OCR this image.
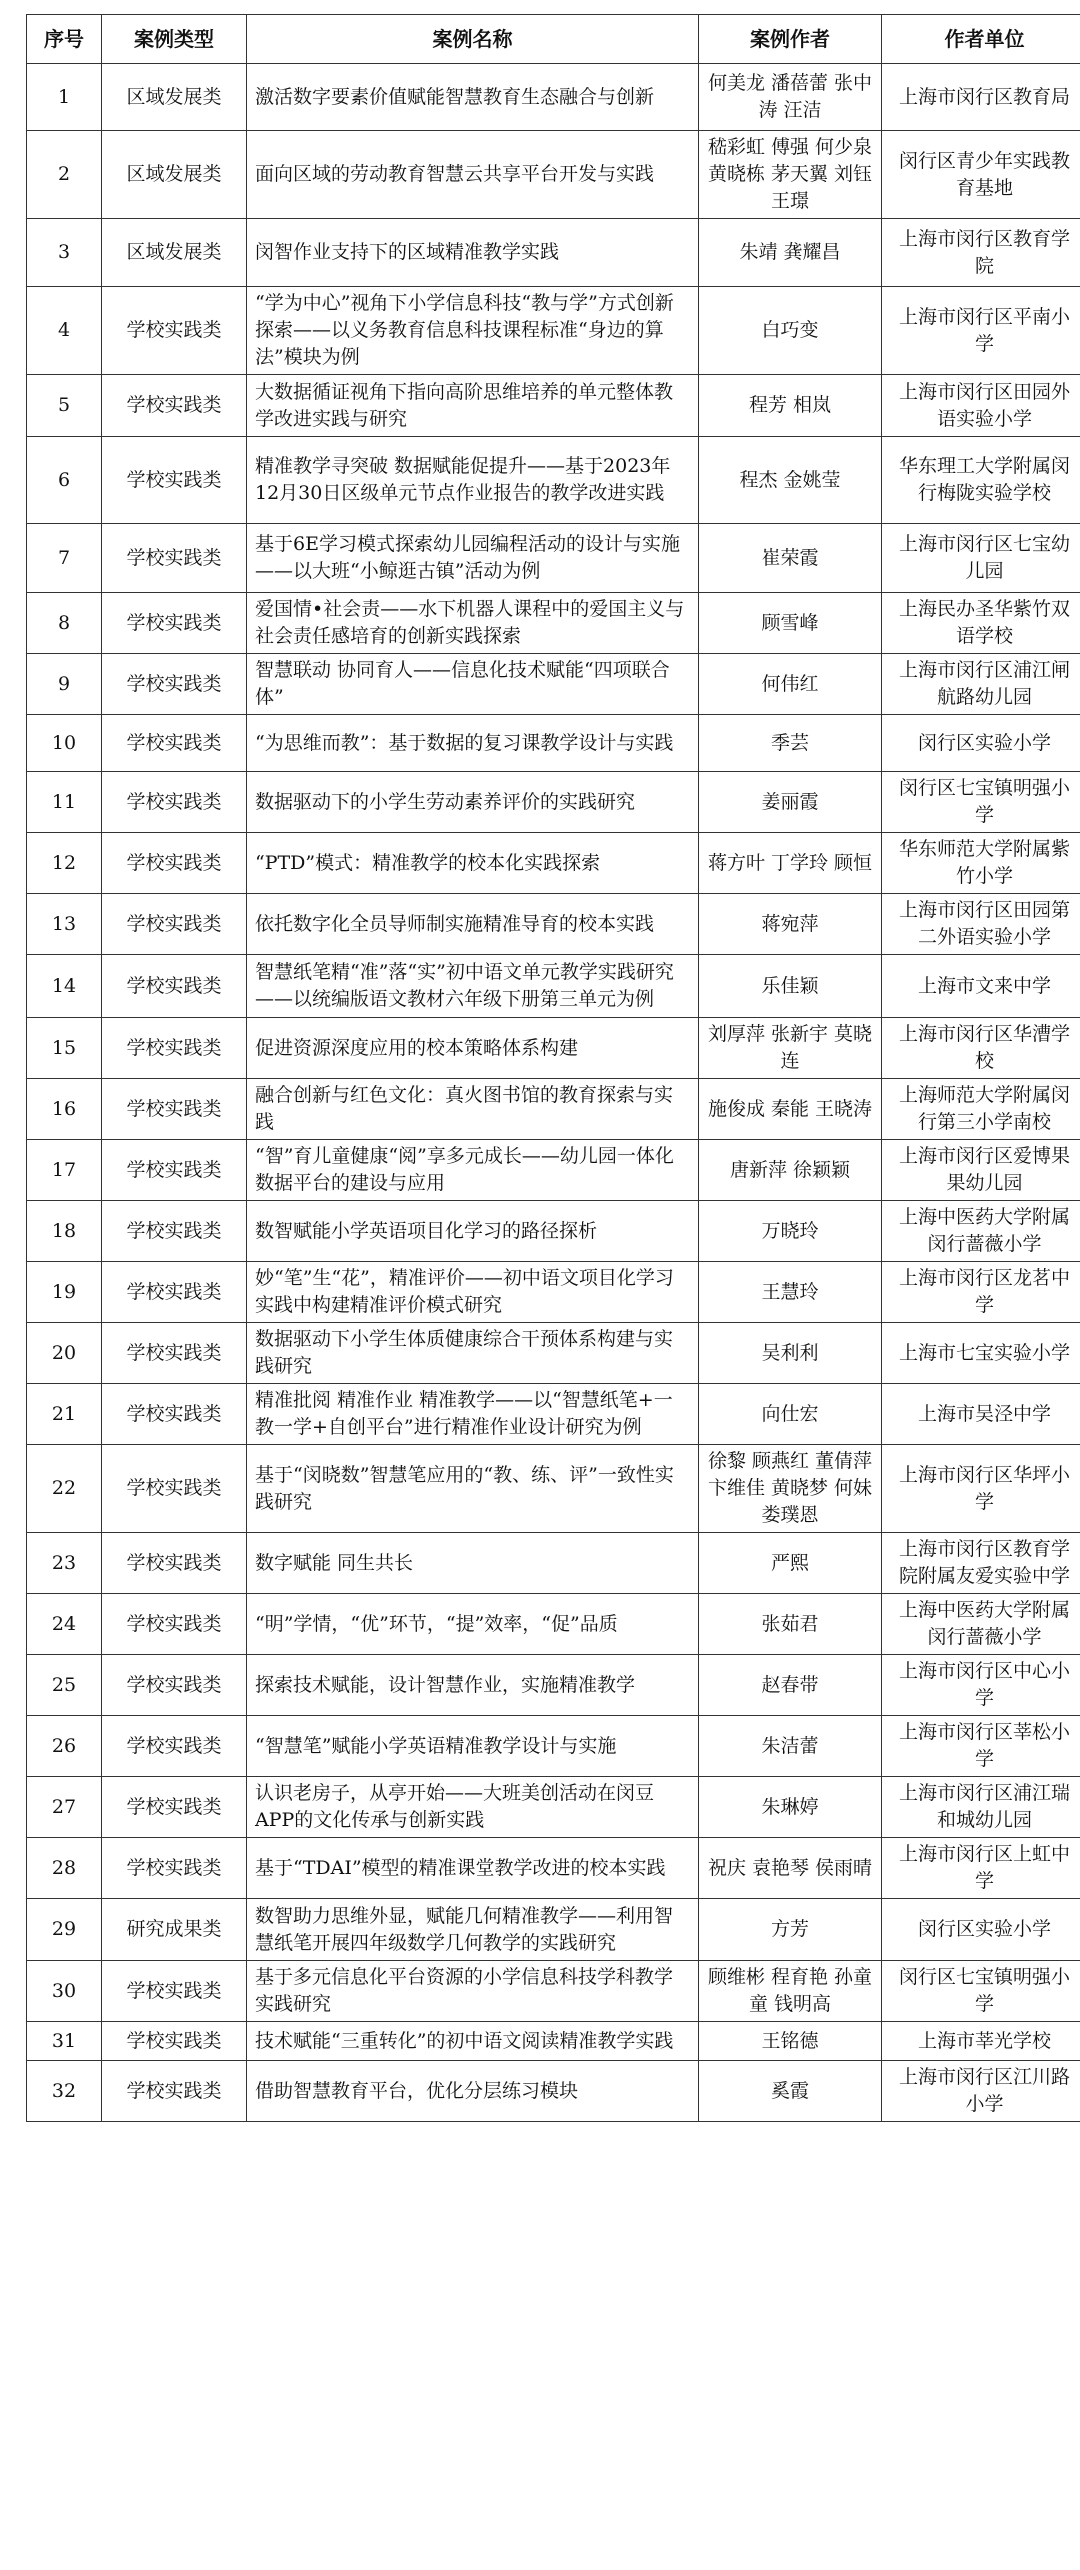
序号	案例类型	案例名称	案例作者	作者单位
1	区域发展类	激活数字要素价值赋能智慧教育生态融合与创新	何美龙 潘蓓蕾 张中涛 汪洁	上海市闵行区教育局
2	区域发展类	面向区域的劳动教育智慧云共享平台开发与实践	嵇彩虹 傅强 何少泉 黄晓栋 茅天翼 刘钰 王璟	闵行区青少年实践教育基地
3	区域发展类	闵智作业支持下的区域精准教学实践	朱靖 龚耀昌	上海市闵行区教育学院
4	学校实践类	“学为中心”视角下小学信息科技“教与学”方式创新探索——以义务教育信息科技课程标准“身边的算法”模块为例	白巧变	上海市闵行区平南小学
5	学校实践类	大数据循证视角下指向高阶思维培养的单元整体教学改进实践与研究	程芳 相岚	上海市闵行区田园外语实验小学
6	学校实践类	精准教学寻突破 数据赋能促提升——基于2023年12月30日区级单元节点作业报告的教学改进实践	程杰 金姚莹	华东理工大学附属闵行梅陇实验学校
7	学校实践类	基于6E学习模式探索幼儿园编程活动的设计与实施——以大班“小鲸逛古镇”活动为例	崔荣霞	上海市闵行区七宝幼儿园
8	学校实践类	爱国情•社会责——水下机器人课程中的爱国主义与社会责任感培育的创新实践探索	顾雪峰	上海民办圣华紫竹双语学校
9	学校实践类	智慧联动 协同育人——信息化技术赋能“四项联合体”	何伟红	上海市闵行区浦江闸航路幼儿园
10	学校实践类	“为思维而教”：基于数据的复习课教学设计与实践	季芸	闵行区实验小学
11	学校实践类	数据驱动下的小学生劳动素养评价的实践研究	姜丽霞	闵行区七宝镇明强小学
12	学校实践类	“PTD”模式：精准教学的校本化实践探索	蒋方叶 丁学玲 顾恒	华东师范大学附属紫竹小学
13	学校实践类	依托数字化全员导师制实施精准导育的校本实践	蒋宛萍	上海市闵行区田园第二外语实验小学
14	学校实践类	智慧纸笔精“准”落“实”初中语文单元教学实践研究——以统编版语文教材六年级下册第三单元为例	乐佳颖	上海市文来中学
15	学校实践类	促进资源深度应用的校本策略体系构建	刘厚萍 张新宇 莫晓连	上海市闵行区华漕学校
16	学校实践类	融合创新与红色文化：真火图书馆的教育探索与实践	施俊成 秦能 王晓涛	上海师范大学附属闵行第三小学南校
17	学校实践类	“智”育儿童健康“阅”享多元成长——幼儿园一体化数据平台的建设与应用	唐新萍 徐颖颖	上海市闵行区爱博果果幼儿园
18	学校实践类	数智赋能小学英语项目化学习的路径探析	万晓玲	上海中医药大学附属闵行蔷薇小学
19	学校实践类	妙“笔”生“花”，精准评价——初中语文项目化学习实践中构建精准评价模式研究	王慧玲	上海市闵行区龙茗中学
20	学校实践类	数据驱动下小学生体质健康综合干预体系构建与实践研究	吴利利	上海市七宝实验小学
21	学校实践类	精准批阅 精准作业 精准教学——以“智慧纸笔+一教一学+自创平台”进行精准作业设计研究为例	向仕宏	上海市吴泾中学
22	学校实践类	基于“闵晓数”智慧笔应用的“教、练、评”一致性实践研究	徐黎 顾燕红 董倩萍 卞维佳 黄晓梦 何妹 娄璞恩	上海市闵行区华坪小学
23	学校实践类	数字赋能 同生共长	严熙	上海市闵行区教育学院附属友爱实验中学
24	学校实践类	“明”学情，“优”环节，“提”效率，“促”品质	张茹君	上海中医药大学附属闵行蔷薇小学
25	学校实践类	探索技术赋能，设计智慧作业，实施精准教学	赵春带	上海市闵行区中心小学
26	学校实践类	“智慧笔”赋能小学英语精准教学设计与实施	朱洁蕾	上海市闵行区莘松小学
27	学校实践类	认识老房子，从亭开始——大班美创活动在闵豆APP的文化传承与创新实践	朱琳婷	上海市闵行区浦江瑞和城幼儿园
28	学校实践类	基于“TDAI”模型的精准课堂教学改进的校本实践	祝庆 袁艳琴 侯雨晴	上海市闵行区上虹中学
29	研究成果类	数智助力思维外显，赋能几何精准教学——利用智慧纸笔开展四年级数学几何教学的实践研究	方芳	闵行区实验小学
30	学校实践类	基于多元信息化平台资源的小学信息科技学科教学实践研究	顾维彬 程育艳 孙童童 钱明高	闵行区七宝镇明强小学
31	学校实践类	技术赋能“三重转化”的初中语文阅读精准教学实践	王铭德	上海市莘光学校
32	学校实践类	借助智慧教育平台，优化分层练习模块	奚霞	上海市闵行区江川路小学
